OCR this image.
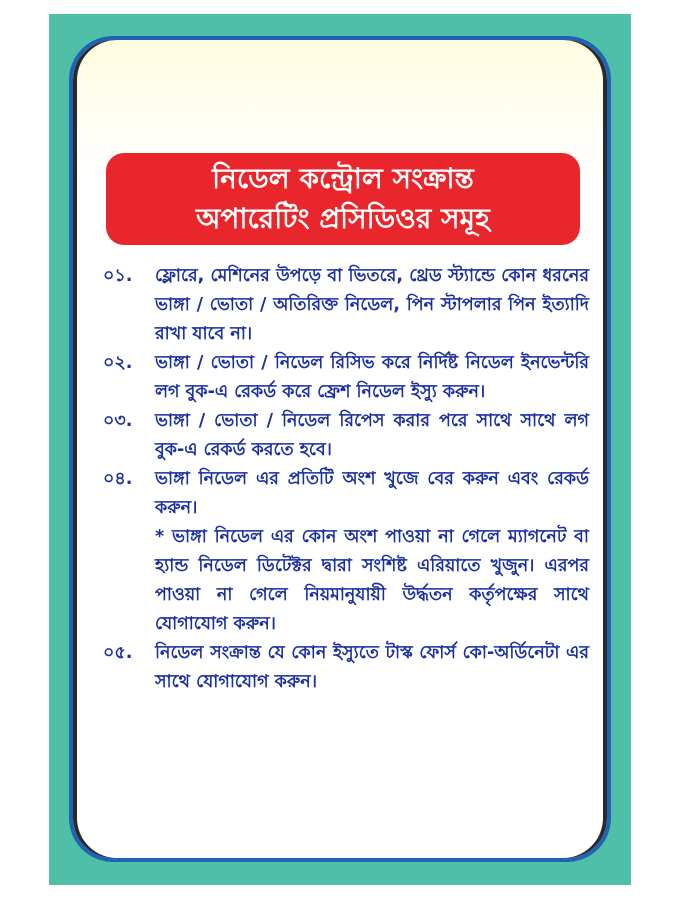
নিডেল কন্ট্রোল সংক্রান্ত
অপারেটিং প্রসিডিওর সমূহ
০১.	ফ্লোরে, মেশিনের উপড়ে বা ভিতরে, থ্রেড স্ট্যান্ডে কোন ধরনের ভাঙ্গা / ভোতা / অতিরিক্ত নিডেল, পিন স্টাপলার পিন ইত্যাদি রাখা যাবে না।
০২.	ভাঙ্গা / ভোতা / নিডেল রিসিভ করে নির্দিষ্ট নিডেল ইনভেন্টরি লগ বুক-এ রেকর্ড করে ফ্রেশ নিডেল ইস্যু করুন।
০৩.	ভাঙ্গা / ভোতা / নিডেল রিপেস করার পরে সাথে সাথে লগ বুক-এ রেকর্ড করতে হবে।
০৪.	ভাঙ্গা নিডেল এর প্রতিটি অংশ খুজে বের করুন এবং রেকর্ড করুন।
* ভাঙ্গা নিডেল এর কোন অংশ পাওয়া না গেলে ম্যাগনেট বা হ্যান্ড নিডেল ডিটেক্টর দ্বারা সংশিষ্ট এরিয়াতে খুজুন। এরপর পাওয়া না গেলে নিয়মানুযায়ী উর্দ্ধতন কর্তৃপক্ষের সাথে যোগাযোগ করুন।
০৫.	নিডেল সংক্রান্ত যে কোন ইস্যুতে টাস্ক ফোর্স কো-অর্ডিনেটা এর সাথে যোগাযোগ করুন।
